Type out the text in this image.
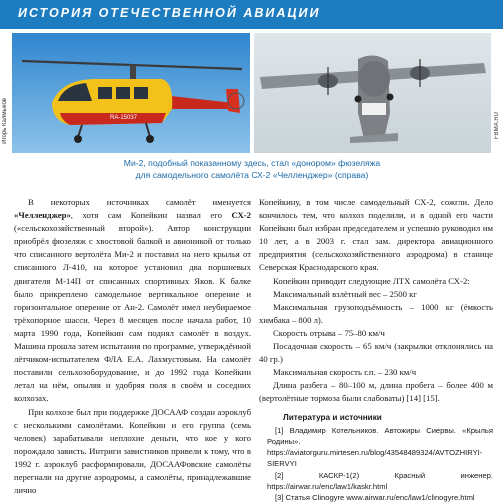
ИСТОРИЯ ОТЕЧЕСТВЕННОЙ АВИАЦИИ
RA-15037
Игорь Калмыков	FBMA.RU
Ми-2, подобный показанному здесь, стал «донором» фюзеляжа
для самодельного самолёта СХ-2 «Челленджер» (справа)

В некоторых источниках самолёт именуется «Челленджер», хотя сам Копейкин назвал его СХ-2 («сельскохозяйственный второй»). Автор конструкции приобрёл фюзеляж с хвостовой балкой и авионикой от только что списанного вертолёта Ми-2 и поставил на него крылья от списанного Л-410, на которое установил два поршневых двигателя М-14П от списанных спортивных Яков. К балке было прикреплено самодельное вертикальное оперение и горизонтальное оперение от Ан-2. Самолёт имел неубираемое трёхопорное шасси. Через 8 месяцев после начала работ, 10 марта 1990 года, Копейкин сам поднял самолёт в воздух. Машина прошла затем испытания по программе, утверждённой лётчиком-испытателем ФЛА Е.А. Лахмустовым. На самолёт поставили сельхозоборудование, и до 1992 года Копейкин летал на нём, опыляя и удобряя поля в своём и соседних колхозах.

При колхозе был при поддержке ДОСААФ создан аэроклуб с несколькими самолётами. Копейкин и его группа (семь человек) зарабатывали неплохие деньги, что кое у кого порождало зависть. Интриги завистников привели к тому, что в 1992 г. аэроклуб расформировали, ДОСААФовские самолёты перегнали на другие аэродромы, а самолёты, принадлежавшие лично

Копейкину, в том числе самодельный СХ-2, сожгли. Дело кончилось тем, что колхоз поделили, и в одной его части Копейкин был избран председателем и успешно руководил им 10 лет, а в 2003 г. стал зам. директора авиационного предприятия (сельскохозяйственного аэродрома) в станице Северская Краснодарского края.

Копейкин приводит следующие ЛТХ самолёта СХ-2:

Максимальный взлётный вес – 2500 кг

Максимальная грузоподъёмность – 1000 кг (ёмкость химбака – 800 л).

Скорость отрыва – 75–80 км/ч

Посадочная скорость – 65 км/ч (закрылки отклонялись на 40 гр.)

Максимальная скорость г.п. – 230 км/ч

Длина разбега – 80–100 м, длина пробега – более 400 м (вертолётные тормоза были слабоваты) [14] [15].

Литература и источники
[1] Владимир Котельников. Автожиры Сиервы. «Крылья Родины». https://aviatorguru.mirtesen.ru/blog/43548489324/AVTOZHIRYI-SIERVYI
[2] КАСКР-1(2) Красный инженер. https://airwar.ru/enc/law1/kaskr.html
[3] Статья Clinogyre www.airwar.ru/enc/law1/clinogyre.html
